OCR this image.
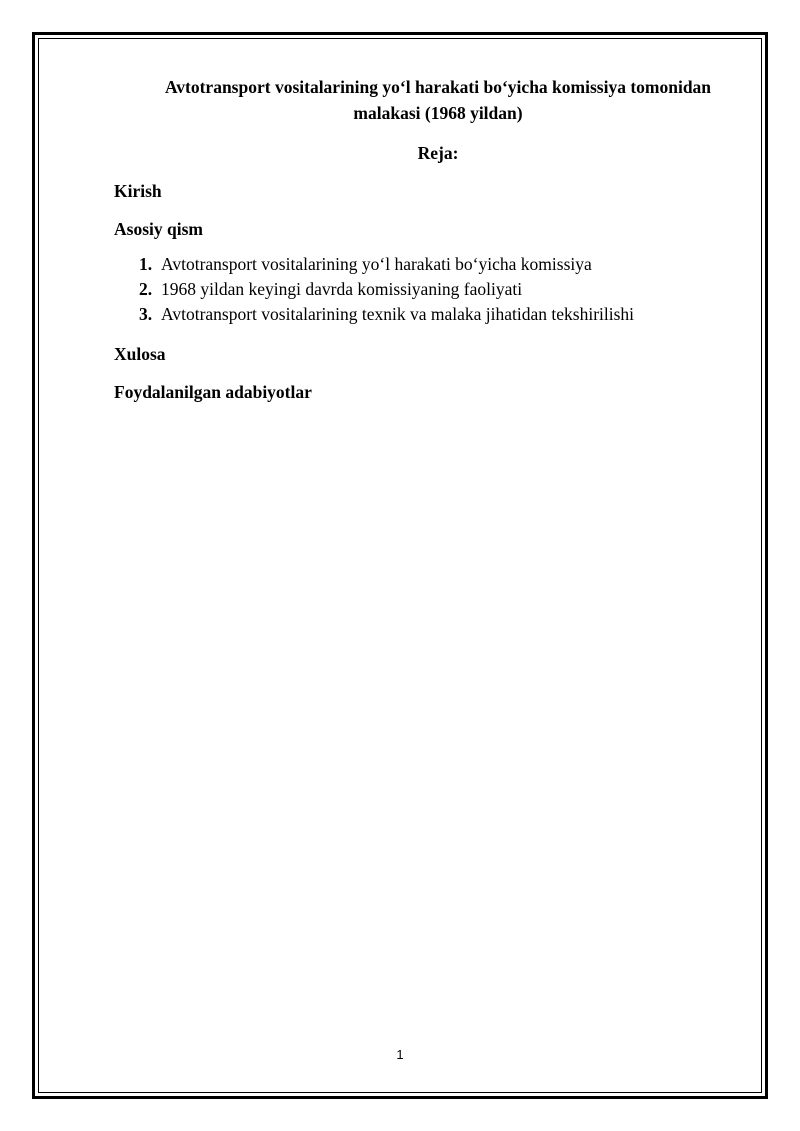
Avtotransport vositalarining yo‘l harakati bo‘yicha komissiya tomonidan malakasi (1968 yildan)

Reja:

Kirish

Asosiy qism

1. Avtotransport vositalarining yo‘l harakati bo‘yicha komissiya
2. 1968 yildan keyingi davrda komissiyaning faoliyati
3. Avtotransport vositalarining texnik va malaka jihatidan tekshirilishi

Xulosa

Foydalanilgan adabiyotlar

1
